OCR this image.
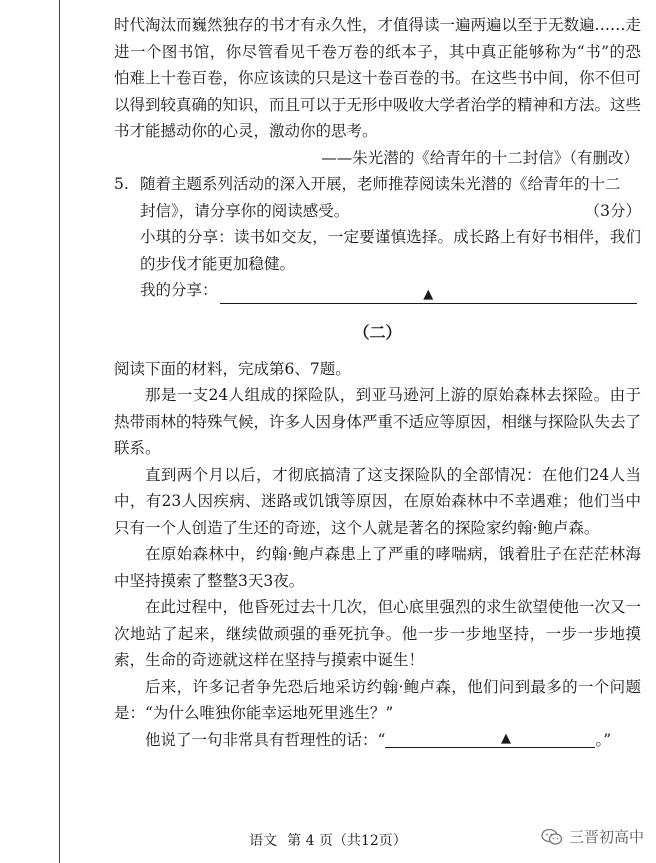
时代淘汰而巍然独存的书才有永久性，才值得读一遍两遍以至于无数遍……走进一个图书馆，你尽管看见千卷万卷的纸本子，其中真正能够称为“书”的恐怕难上十卷百卷，你应该读的只是这十卷百卷的书。在这些书中间，你不但可以得到较真确的知识，而且可以于无形中吸收大学者治学的精神和方法。这些书才能撼动你的心灵，激动你的思考。

——朱光潜的《给青年的十二封信》（有删改）

5. 随着主题系列活动的深入开展，老师推荐阅读朱光潜的《给青年的十二

封信》，请分享你的阅读感受。	（3分）

小琪的分享：读书如交友，一定要谨慎选择。成长路上有好书相伴，我们的步伐才能更加稳健。

我的分享：	▲
（二）

阅读下面的材料，完成第6、7题。

那是一支24人组成的探险队，到亚马逊河上游的原始森林去探险。由于热带雨林的特殊气候，许多人因身体严重不适应等原因，相继与探险队失去了联系。

直到两个月以后，才彻底搞清了这支探险队的全部情况：在他们24人当中，有23人因疾病、迷路或饥饿等原因，在原始森林中不幸遇难；他们当中只有一个人创造了生还的奇迹，这个人就是著名的探险家约翰·鲍卢森。

在原始森林中，约翰·鲍卢森患上了严重的哮喘病，饿着肚子在茫茫林海中坚持摸索了整整3天3夜。

在此过程中，他昏死过去十几次，但心底里强烈的求生欲望使他一次又一次地站了起来，继续做顽强的垂死抗争。他一步一步地坚持，一步一步地摸索，生命的奇迹就这样在坚持与摸索中诞生！

后来，许多记者争先恐后地采访约翰·鲍卢森，他们问到最多的一个问题是：“为什么唯独你能幸运地死里逃生？”

他说了一句非常具有哲理性的话：“	▲	。”

语文 第 4 页（共12页）	三晋初高中
